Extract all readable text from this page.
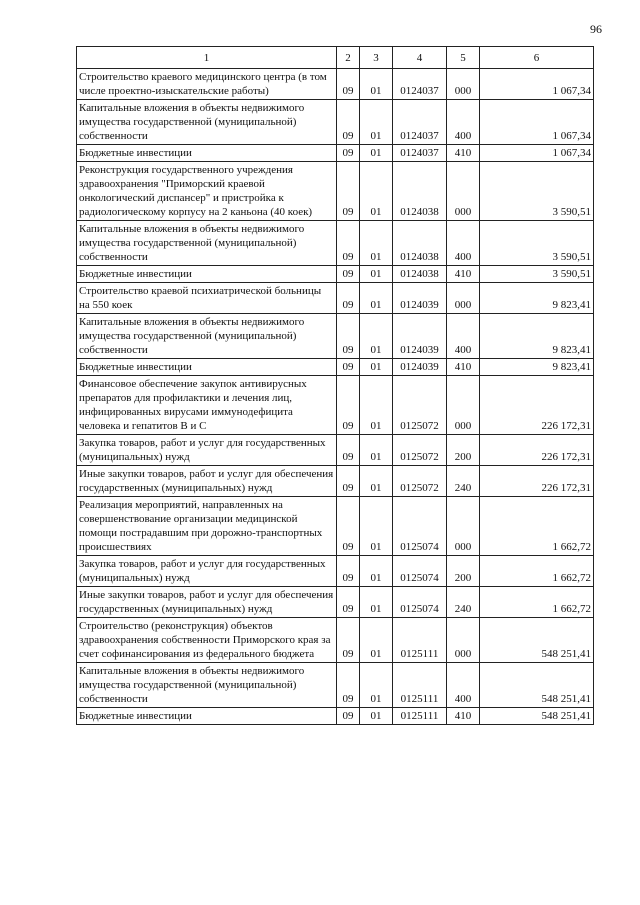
96
1	2	3	4	5	6
Строительство краевого медицинского центра (в том числе проектно-изыскательские работы)	09	01	0124037	000	1 067,34
Капитальные вложения в объекты недвижимого имущества государственной (муниципальной) собственности	09	01	0124037	400	1 067,34
Бюджетные инвестиции	09	01	0124037	410	1 067,34
Реконструкция государственного учреждения здравоохранения "Приморский краевой онкологический диспансер" и пристройка к радиологическому корпусу на 2 каньона (40 коек)	09	01	0124038	000	3 590,51
Капитальные вложения в объекты недвижимого имущества государственной (муниципальной) собственности	09	01	0124038	400	3 590,51
Бюджетные инвестиции	09	01	0124038	410	3 590,51
Строительство краевой психиатрической больницы на 550 коек	09	01	0124039	000	9 823,41
Капитальные вложения в объекты недвижимого имущества государственной (муниципальной) собственности	09	01	0124039	400	9 823,41
Бюджетные инвестиции	09	01	0124039	410	9 823,41
Финансовое обеспечение закупок антивирусных препаратов для профилактики и лечения лиц, инфицированных вирусами иммунодефицита человека и гепатитов В и С	09	01	0125072	000	226 172,31
Закупка товаров, работ и услуг для государственных (муниципальных) нужд	09	01	0125072	200	226 172,31
Иные закупки товаров, работ и услуг для обеспечения государственных (муниципальных) нужд	09	01	0125072	240	226 172,31
Реализация мероприятий, направленных на совершенствование организации медицинской помощи пострадавшим при дорожно-транспортных происшествиях	09	01	0125074	000	1 662,72
Закупка товаров, работ и услуг для государственных (муниципальных) нужд	09	01	0125074	200	1 662,72
Иные закупки товаров, работ и услуг для обеспечения государственных (муниципальных) нужд	09	01	0125074	240	1 662,72
Строительство (реконструкция) объектов здравоохранения собственности Приморского края за счет софинансирования из федерального бюджета	09	01	0125111	000	548 251,41
Капитальные вложения в объекты недвижимого имущества государственной (муниципальной) собственности	09	01	0125111	400	548 251,41
Бюджетные инвестиции	09	01	0125111	410	548 251,41
